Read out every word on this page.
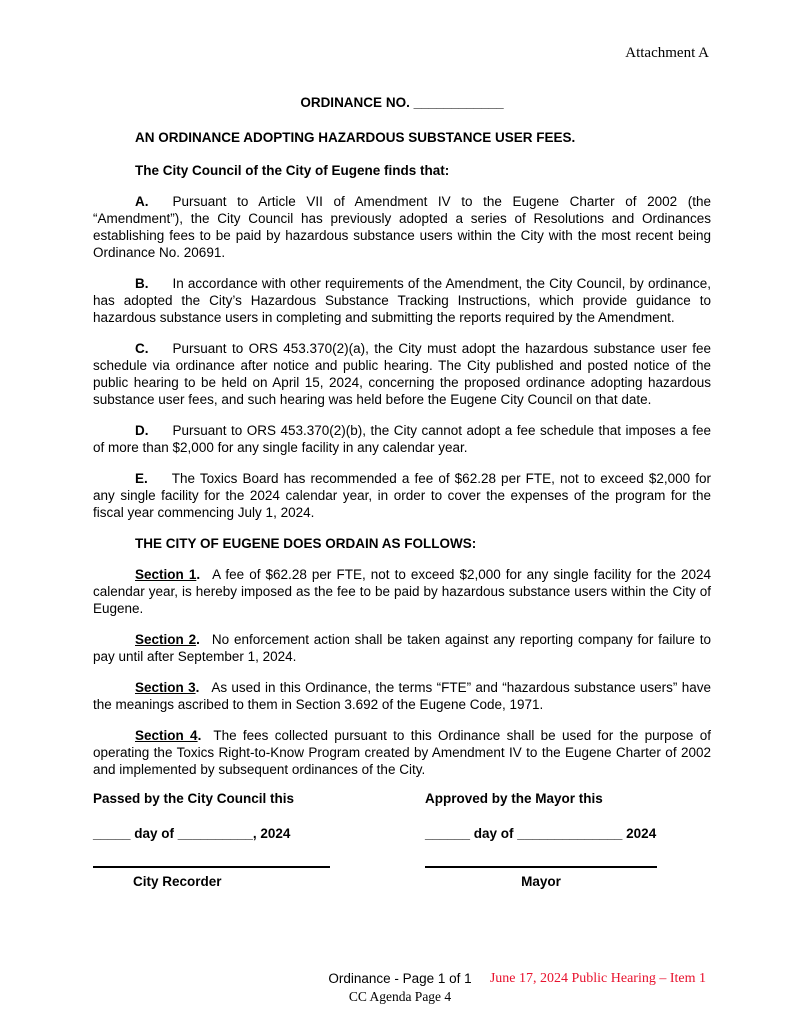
Attachment A

ORDINANCE NO. ____________

AN ORDINANCE ADOPTING HAZARDOUS SUBSTANCE USER FEES.

The City Council of the City of Eugene finds that:

A. Pursuant to Article VII of Amendment IV to the Eugene Charter of 2002 (the “Amendment”), the City Council has previously adopted a series of Resolutions and Ordinances establishing fees to be paid by hazardous substance users within the City with the most recent being Ordinance No. 20691.

B. In accordance with other requirements of the Amendment, the City Council, by ordinance, has adopted the City’s Hazardous Substance Tracking Instructions, which provide guidance to hazardous substance users in completing and submitting the reports required by the Amendment.

C. Pursuant to ORS 453.370(2)(a), the City must adopt the hazardous substance user fee schedule via ordinance after notice and public hearing. The City published and posted notice of the public hearing to be held on April 15, 2024, concerning the proposed ordinance adopting hazardous substance user fees, and such hearing was held before the Eugene City Council on that date.

D. Pursuant to ORS 453.370(2)(b), the City cannot adopt a fee schedule that imposes a fee of more than $2,000 for any single facility in any calendar year.

E. The Toxics Board has recommended a fee of $62.28 per FTE, not to exceed $2,000 for any single facility for the 2024 calendar year, in order to cover the expenses of the program for the fiscal year commencing July 1, 2024.

THE CITY OF EUGENE DOES ORDAIN AS FOLLOWS:

Section 1. A fee of $62.28 per FTE, not to exceed $2,000 for any single facility for the 2024 calendar year, is hereby imposed as the fee to be paid by hazardous substance users within the City of Eugene.

Section 2. No enforcement action shall be taken against any reporting company for failure to pay until after September 1, 2024.

Section 3. As used in this Ordinance, the terms “FTE” and “hazardous substance users” have the meanings ascribed to them in Section 3.692 of the Eugene Code, 1971.

Section 4. The fees collected pursuant to this Ordinance shall be used for the purpose of operating the Toxics Right-to-Know Program created by Amendment IV to the Eugene Charter of 2002 and implemented by subsequent ordinances of the City.

Passed by the City Council this

_____ day of __________, 2024

City Recorder

Approved by the Mayor this

______ day of ______________ 2024

Mayor

Ordinance - Page 1 of 1	June 17, 2024 Public Hearing – Item 1
CC Agenda Page 4
